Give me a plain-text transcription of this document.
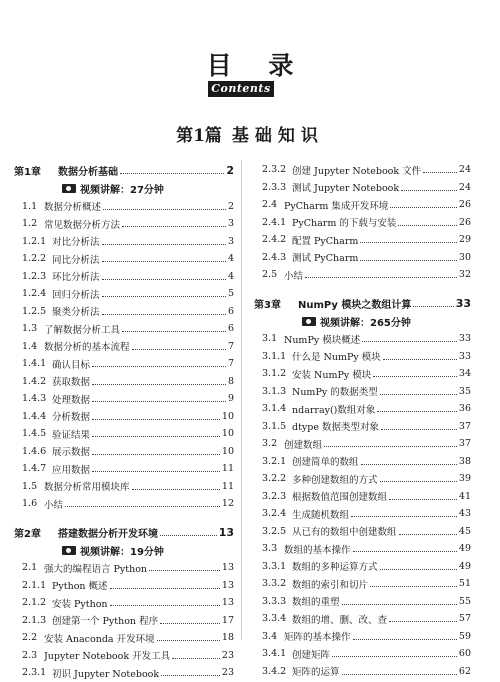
目 录
Contents
第1篇 基础知识
第1章	数据分析基础	2
视频讲解：27分钟
1.1 数据分析概述	2
1.2 常见数据分析方法	3
1.2.1 对比分析法	3
1.2.2 同比分析法	4
1.2.3 环比分析法	4
1.2.4 回归分析法	5
1.2.5 聚类分析法	6
1.3 了解数据分析工具	6
1.4 数据分析的基本流程	7
1.4.1 确认目标	7
1.4.2 获取数据	8
1.4.3 处理数据	9
1.4.4 分析数据	10
1.4.5 验证结果	10
1.4.6 展示数据	10
1.4.7 应用数据	11
1.5 数据分析常用模块库	11
1.6 小结	12
第2章	搭建数据分析开发环境	13
视频讲解：19分钟
2.1 强大的编程语言 Python	13
2.1.1 Python 概述	13
2.1.2 安装 Python	13
2.1.3 创建第一个 Python 程序	17
2.2 安装 Anaconda 开发环境	18
2.3 Jupyter Notebook 开发工具	23
2.3.1 初识 Jupyter Notebook	23
2.3.2 创建 Jupyter Notebook 文件	24
2.3.3 测试 Jupyter Notebook	24
2.4 PyCharm 集成开发环境	26
2.4.1 PyCharm 的下载与安装	26
2.4.2 配置 PyCharm	29
2.4.3 测试 PyCharm	30
2.5 小结	32
第3章	NumPy 模块之数组计算	33
视频讲解：265分钟
3.1 NumPy 模块概述	33
3.1.1 什么是 NumPy 模块	33
3.1.2 安装 NumPy 模块	34
3.1.3 NumPy 的数据类型	35
3.1.4 ndarray()数组对象	36
3.1.5 dtype 数据类型对象	37
3.2 创建数组	37
3.2.1 创建简单的数组	38
3.2.2 多种创建数组的方式	39
3.2.3 根据数值范围创建数组	41
3.2.4 生成随机数组	43
3.2.5 从已有的数组中创建数组	45
3.3 数组的基本操作	49
3.3.1 数组的多种运算方式	49
3.3.2 数组的索引和切片	51
3.3.3 数组的重塑	55
3.3.4 数组的增、删、改、查	57
3.4 矩阵的基本操作	59
3.4.1 创建矩阵	60
3.4.2 矩阵的运算	62
